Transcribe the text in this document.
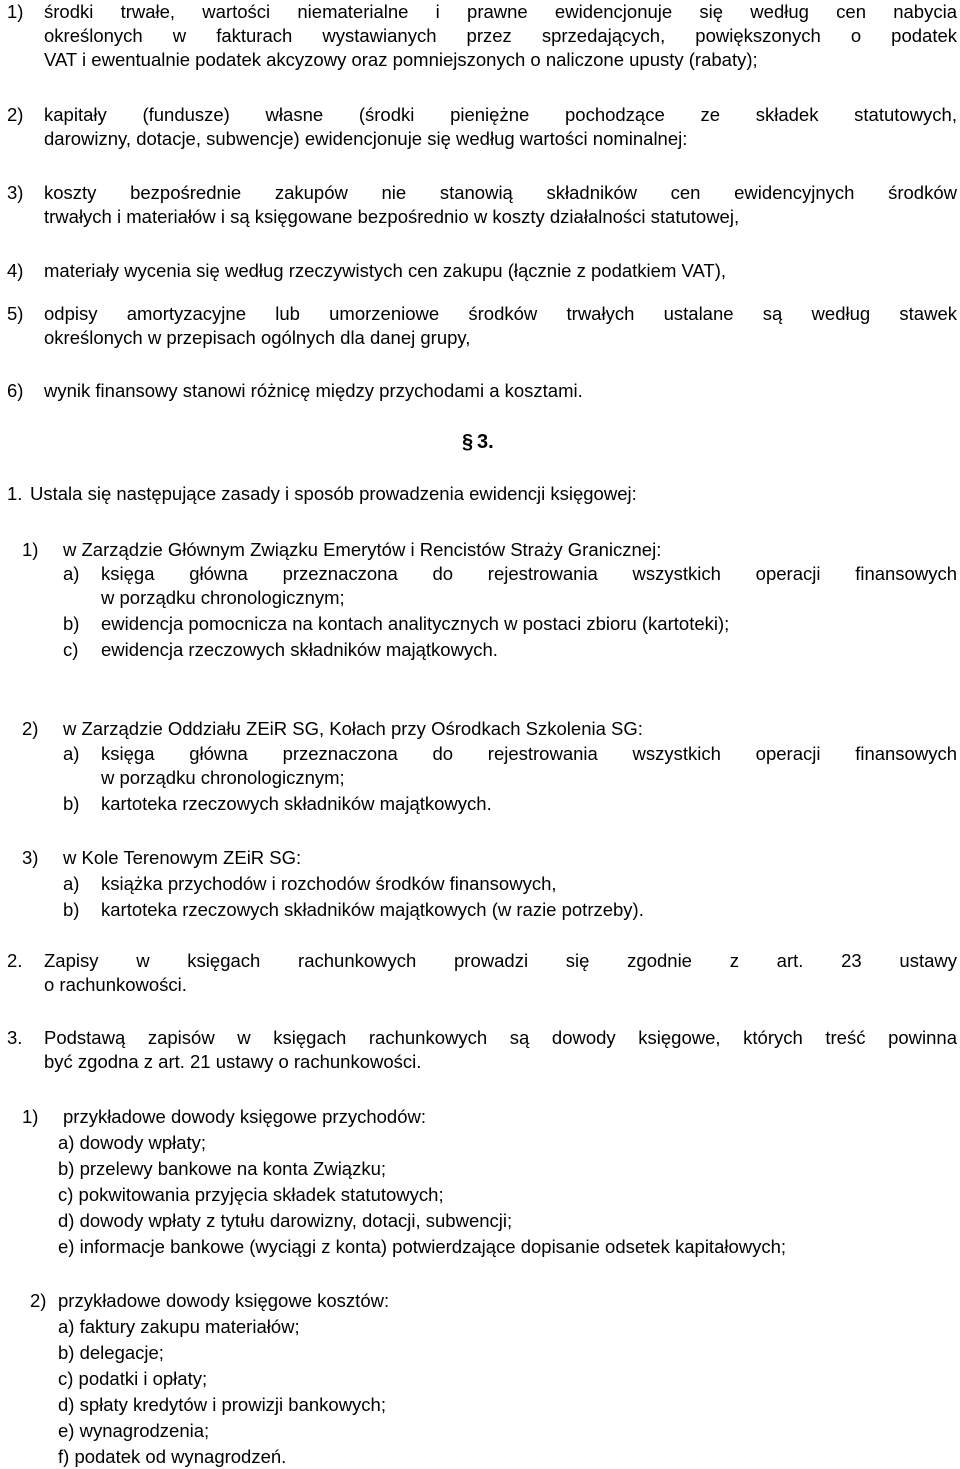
1) środki trwałe, wartości niematerialne i prawne ewidencjonuje się według cen nabycia
określonych w fakturach wystawianych przez sprzedających, powiększonych o podatek
VAT i ewentualnie podatek akcyzowy oraz pomniejszonych o naliczone upusty (rabaty);
2) kapitały (fundusze) własne (środki pieniężne pochodzące ze składek statutowych,
darowizny, dotacje, subwencje) ewidencjonuje się według wartości nominalnej:
3) koszty bezpośrednie zakupów nie stanowią składników cen ewidencyjnych środków
trwałych i materiałów i są księgowane bezpośrednio w koszty działalności statutowej,
4) materiały wycenia się według rzeczywistych cen zakupu (łącznie z podatkiem VAT),
5) odpisy amortyzacyjne lub umorzeniowe środków trwałych ustalane są według stawek
określonych w przepisach ogólnych dla danej grupy,
6) wynik finansowy stanowi różnicę między przychodami a kosztami.
§ 3.
1. Ustala się następujące zasady i sposób prowadzenia ewidencji księgowej:
1) w Zarządzie Głównym Związku Emerytów i Rencistów Straży Granicznej:
a) księga główna przeznaczona do rejestrowania wszystkich operacji finansowych
w porządku chronologicznym;
b) ewidencja pomocnicza na kontach analitycznych w postaci zbioru (kartoteki);
c) ewidencja rzeczowych składników majątkowych.
2) w Zarządzie Oddziału ZEiR SG, Kołach przy Ośrodkach Szkolenia SG:
a) księga główna przeznaczona do rejestrowania wszystkich operacji finansowych
w porządku chronologicznym;
b) kartoteka rzeczowych składników majątkowych.
3) w Kole Terenowym ZEiR SG:
a) książka przychodów i rozchodów środków finansowych,
b) kartoteka rzeczowych składników majątkowych (w razie potrzeby).
2. Zapisy w księgach rachunkowych prowadzi się zgodnie z art. 23 ustawy
o rachunkowości.
3. Podstawą zapisów w księgach rachunkowych są dowody księgowe, których treść powinna
być zgodna z art. 21 ustawy o rachunkowości.
1) przykładowe dowody księgowe przychodów:
a) dowody wpłaty;
b) przelewy bankowe na konta Związku;
c) pokwitowania przyjęcia składek statutowych;
d) dowody wpłaty z tytułu darowizny, dotacji, subwencji;
e) informacje bankowe (wyciągi z konta) potwierdzające dopisanie odsetek kapitałowych;
2) przykładowe dowody księgowe kosztów:
a) faktury zakupu materiałów;
b) delegacje;
c) podatki i opłaty;
d) spłaty kredytów i prowizji bankowych;
e) wynagrodzenia;
f) podatek od wynagrodzeń.
